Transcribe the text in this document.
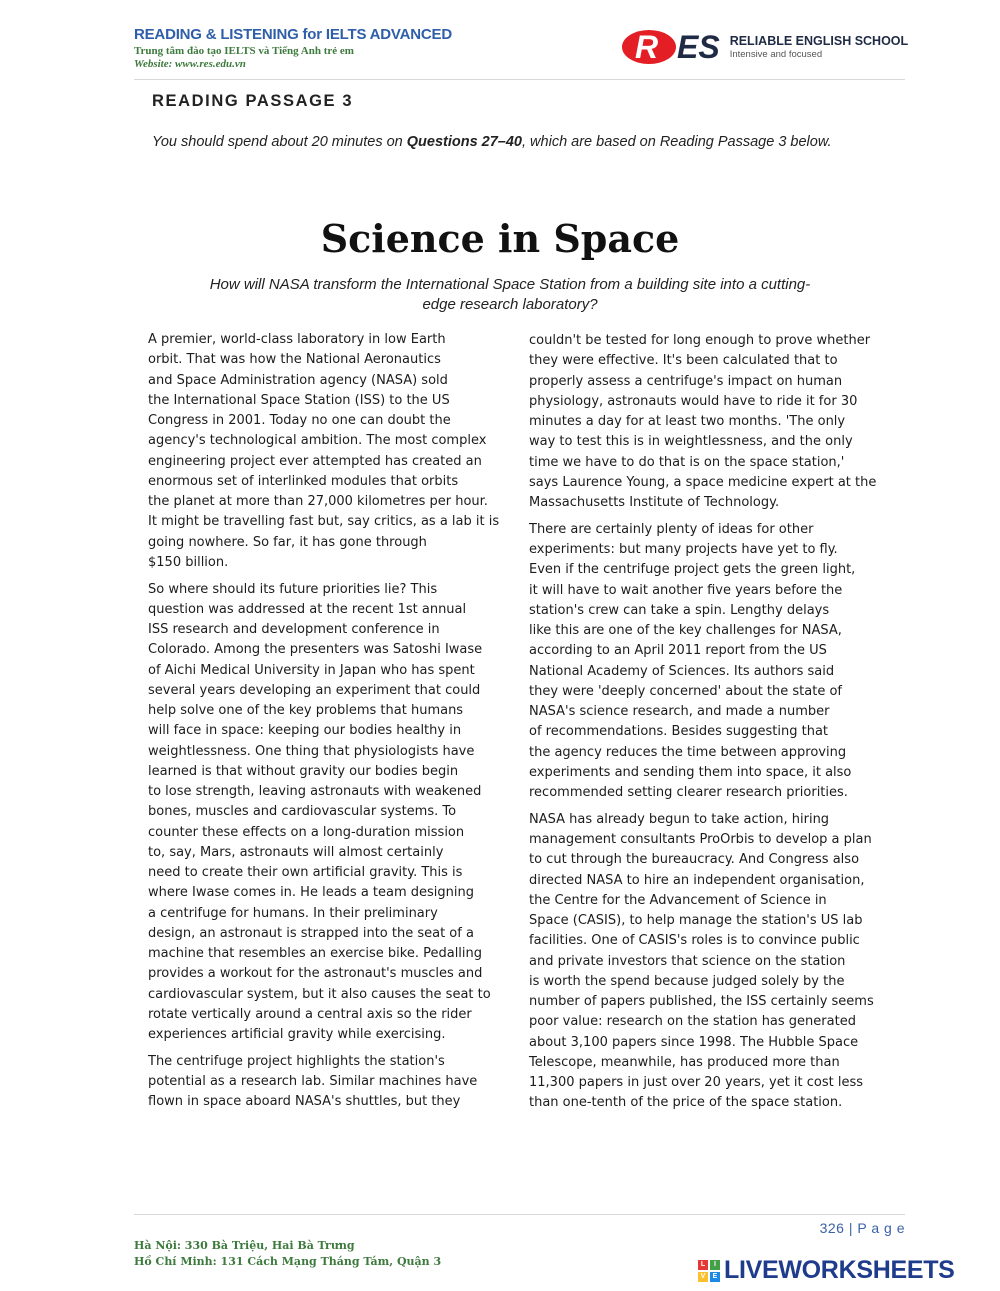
READING & LISTENING for IELTS ADVANCED
Trung tâm đào tạo IELTS và Tiếng Anh trẻ em
Website: www.res.edu.vn	R ES RELIABLE ENGLISH SCHOOL
Intensive and focused
READING PASSAGE 3
You should spend about 20 minutes on Questions 27–40, which are based on Reading Passage 3 below.
Science in Space
How will NASA transform the International Space Station from a building site into a cutting-edge research laboratory?

A premier, world-class laboratory in low Earth
orbit. That was how the National Aeronautics
and Space Administration agency (NASA) sold
the International Space Station (ISS) to the US
Congress in 2001. Today no one can doubt the
agency's technological ambition. The most complex
engineering project ever attempted has created an
enormous set of interlinked modules that orbits
the planet at more than 27,000 kilometres per hour.
It might be travelling fast but, say critics, as a lab it is
going nowhere. So far, it has gone through
$150 billion.

So where should its future priorities lie? This
question was addressed at the recent 1st annual
ISS research and development conference in
Colorado. Among the presenters was Satoshi Iwase
of Aichi Medical University in Japan who has spent
several years developing an experiment that could
help solve one of the key problems that humans
will face in space: keeping our bodies healthy in
weightlessness. One thing that physiologists have
learned is that without gravity our bodies begin
to lose strength, leaving astronauts with weakened
bones, muscles and cardiovascular systems. To
counter these effects on a long-duration mission
to, say, Mars, astronauts will almost certainly
need to create their own artificial gravity. This is
where Iwase comes in. He leads a team designing
a centrifuge for humans. In their preliminary
design, an astronaut is strapped into the seat of a
machine that resembles an exercise bike. Pedalling
provides a workout for the astronaut's muscles and
cardiovascular system, but it also causes the seat to
rotate vertically around a central axis so the rider
experiences artificial gravity while exercising.

The centrifuge project highlights the station's
potential as a research lab. Similar machines have
flown in space aboard NASA's shuttles, but they

couldn't be tested for long enough to prove whether
they were effective. It's been calculated that to
properly assess a centrifuge's impact on human
physiology, astronauts would have to ride it for 30
minutes a day for at least two months. 'The only
way to test this is in weightlessness, and the only
time we have to do that is on the space station,'
says Laurence Young, a space medicine expert at the
Massachusetts Institute of Technology.

There are certainly plenty of ideas for other
experiments: but many projects have yet to fly.
Even if the centrifuge project gets the green light,
it will have to wait another five years before the
station's crew can take a spin. Lengthy delays
like this are one of the key challenges for NASA,
according to an April 2011 report from the US
National Academy of Sciences. Its authors said
they were 'deeply concerned' about the state of
NASA's science research, and made a number
of recommendations. Besides suggesting that
the agency reduces the time between approving
experiments and sending them into space, it also
recommended setting clearer research priorities.

NASA has already begun to take action, hiring
management consultants ProOrbis to develop a plan
to cut through the bureaucracy. And Congress also
directed NASA to hire an independent organisation,
the Centre for the Advancement of Science in
Space (CASIS), to help manage the station's US lab
facilities. One of CASIS's roles is to convince public
and private investors that science on the station
is worth the spend because judged solely by the
number of papers published, the ISS certainly seems
poor value: research on the station has generated
about 3,100 papers since 1998. The Hubble Space
Telescope, meanwhile, has produced more than
11,300 papers in just over 20 years, yet it cost less
than one-tenth of the price of the space station.

326 | P a g e
Hà Nội: 330 Bà Triệu, Hai Bà Trưng
Hồ Chí Minh: 131 Cách Mạng Tháng Tám, Quận 3	L	I
V	E LIVEWORKSHEETS
